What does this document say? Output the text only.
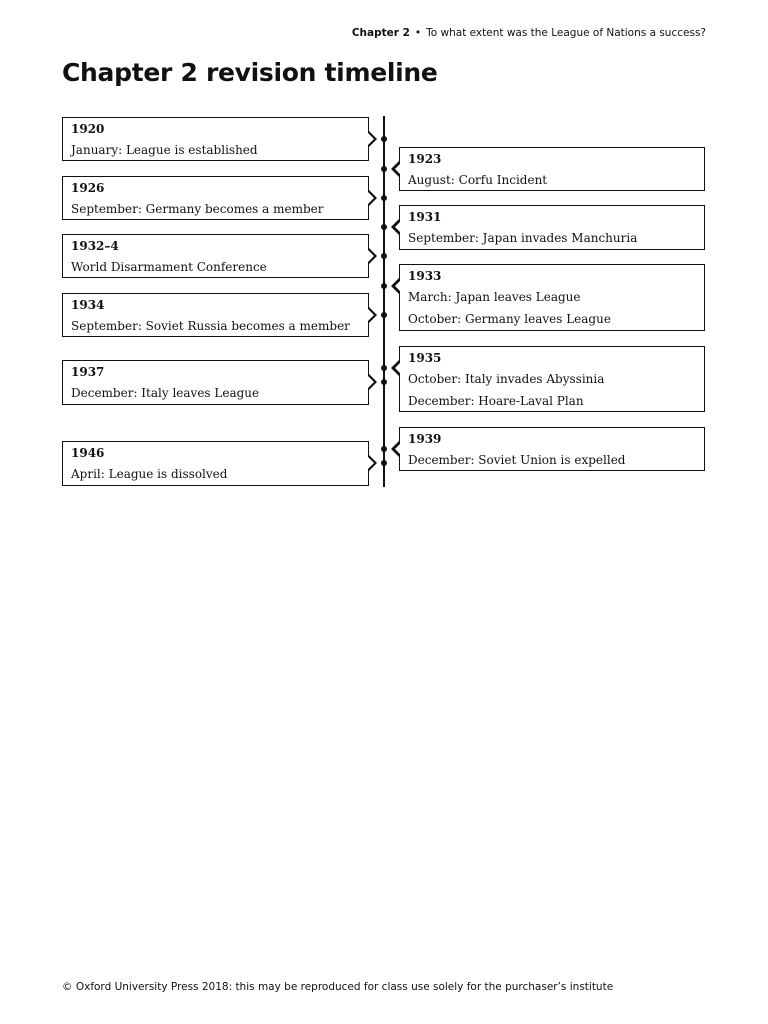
Chapter 2 • To what extent was the League of Nations a success?
Chapter 2 revision timeline
1920
January: League is established
1926
September: Germany becomes a member
1932–4
World Disarmament Conference
1934
September: Soviet Russia becomes a member
1937
December: Italy leaves League
1946
April: League is dissolved
1923
August: Corfu Incident
1931
September: Japan invades Manchuria
1933
March: Japan leaves League
October: Germany leaves League
1935
October: Italy invades Abyssinia
December: Hoare-Laval Plan
1939
December: Soviet Union is expelled
© Oxford University Press 2018: this may be reproduced for class use solely for the purchaser’s institute
